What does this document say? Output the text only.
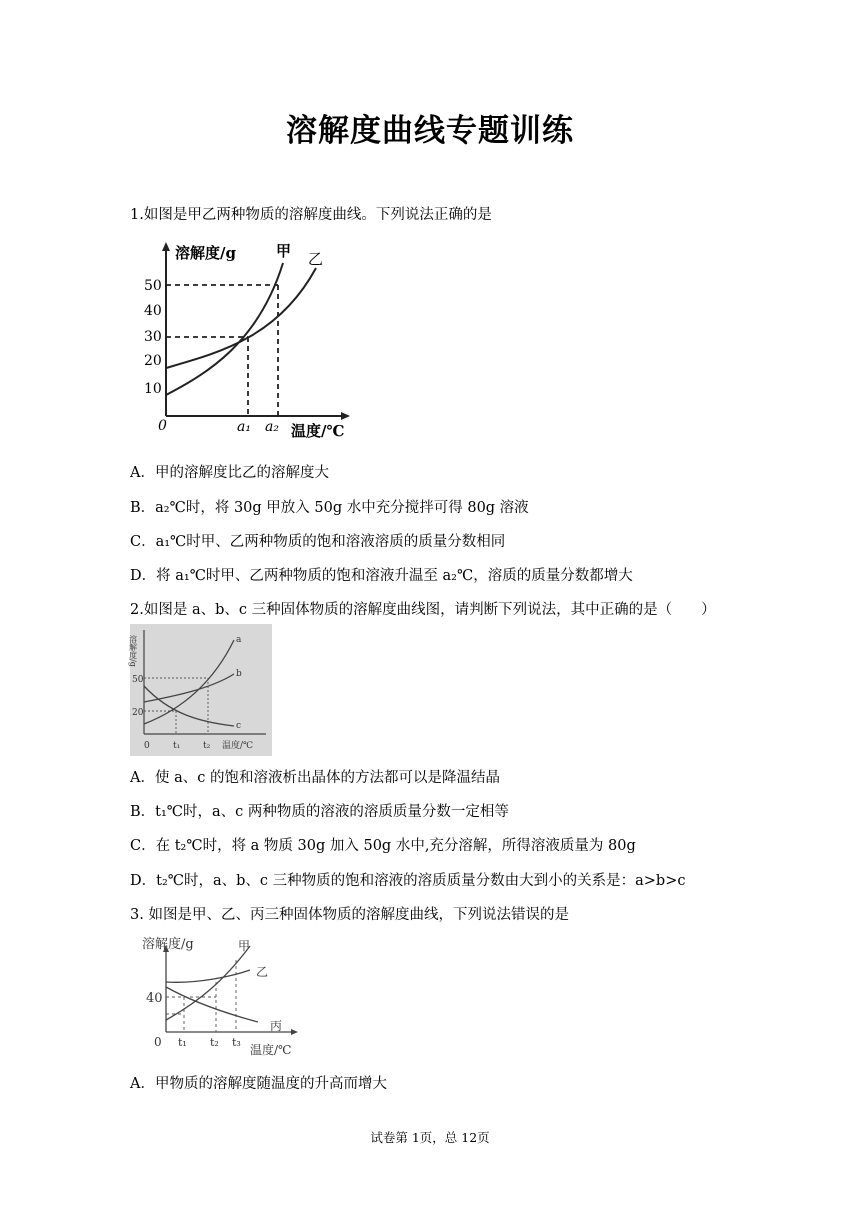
溶解度曲线专题训练
1.如图是甲乙两种物质的溶解度曲线。下列说法正确的是
溶解度/g
温度/℃
0
10
20
30
40
50
a₁ a₂
甲 乙
A．甲的溶解度比乙的溶解度大
B．a₂℃时，将 30g 甲放入 50g 水中充分搅拌可得 80g 溶液
C．a₁℃时甲、乙两种物质的饱和溶液溶质的质量分数相同
D．将 a₁℃时甲、乙两种物质的饱和溶液升温至 a₂℃，溶质的质量分数都增大
2.如图是 a、b、c 三种固体物质的溶解度曲线图，请判断下列说法，其中正确的是（　　）
溶解度/g
温度/℃
0
20
50
t₁	t₂
a
b
c
A．使 a、c 的饱和溶液析出晶体的方法都可以是降温结晶
B．t₁℃时，a、c 两种物质的溶液的溶质质量分数一定相等
C．在 t₂℃时，将 a 物质 30g 加入 50g 水中,充分溶解，所得溶液质量为 80g
D．t₂℃时，a、b、c 三种物质的饱和溶液的溶质质量分数由大到小的关系是：a>b>c
3. 如图是甲、乙、丙三种固体物质的溶解度曲线，下列说法错误的是
溶解度/g
温度/℃
0
40
t₁ t₂ t₃
甲
乙
丙
A．甲物质的溶解度随温度的升高而增大
试卷第 1页，总 12页
